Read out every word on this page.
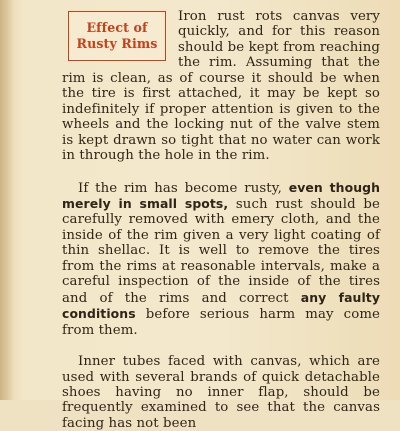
Effect of
Rusty Rims

Iron rust rots canvas very quickly, and for this reason should be kept from reaching the rim. Assuming that the rim is clean, as of course it should be when the tire is first attached, it may be kept so indefinitely if proper attention is given to the wheels and the locking nut of the valve stem is kept drawn so tight that no water can work in through the hole in the rim.

If the rim has become rusty, even though merely in small spots, such rust should be carefully removed with emery cloth, and the inside of the rim given a very light coating of thin shellac. It is well to remove the tires from the rims at reasonable intervals, make a careful inspection of the inside of the tires and of the rims and correct any faulty conditions before serious harm may come from them.

Inner tubes faced with canvas, which are used with several brands of quick detachable shoes having no inner flap, should be frequently examined to see that the canvas facing has not been
